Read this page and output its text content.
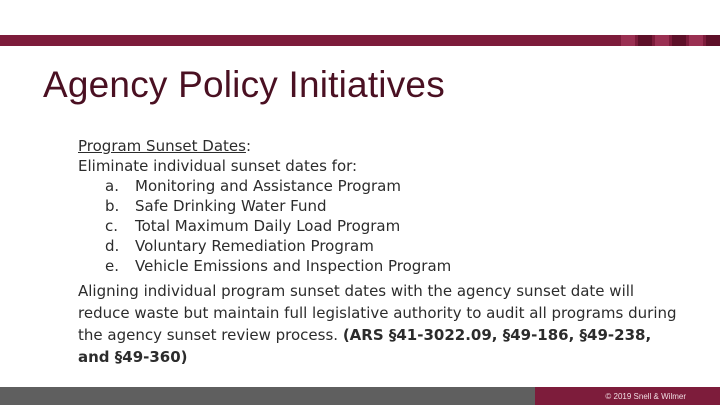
Agency Policy Initiatives
Program Sunset Dates:
Eliminate individual sunset dates for:
a.	Monitoring and Assistance Program
b.	Safe Drinking Water Fund
c.	Total Maximum Daily Load Program
d.	Voluntary Remediation Program
e.	Vehicle Emissions and Inspection Program
Aligning individual program sunset dates with the agency sunset date will reduce waste but maintain full legislative authority to audit all programs during the agency sunset review process. (ARS §41-3022.09, §49-186, §49-238, and §49-360)
© 2019 Snell & Wilmer
